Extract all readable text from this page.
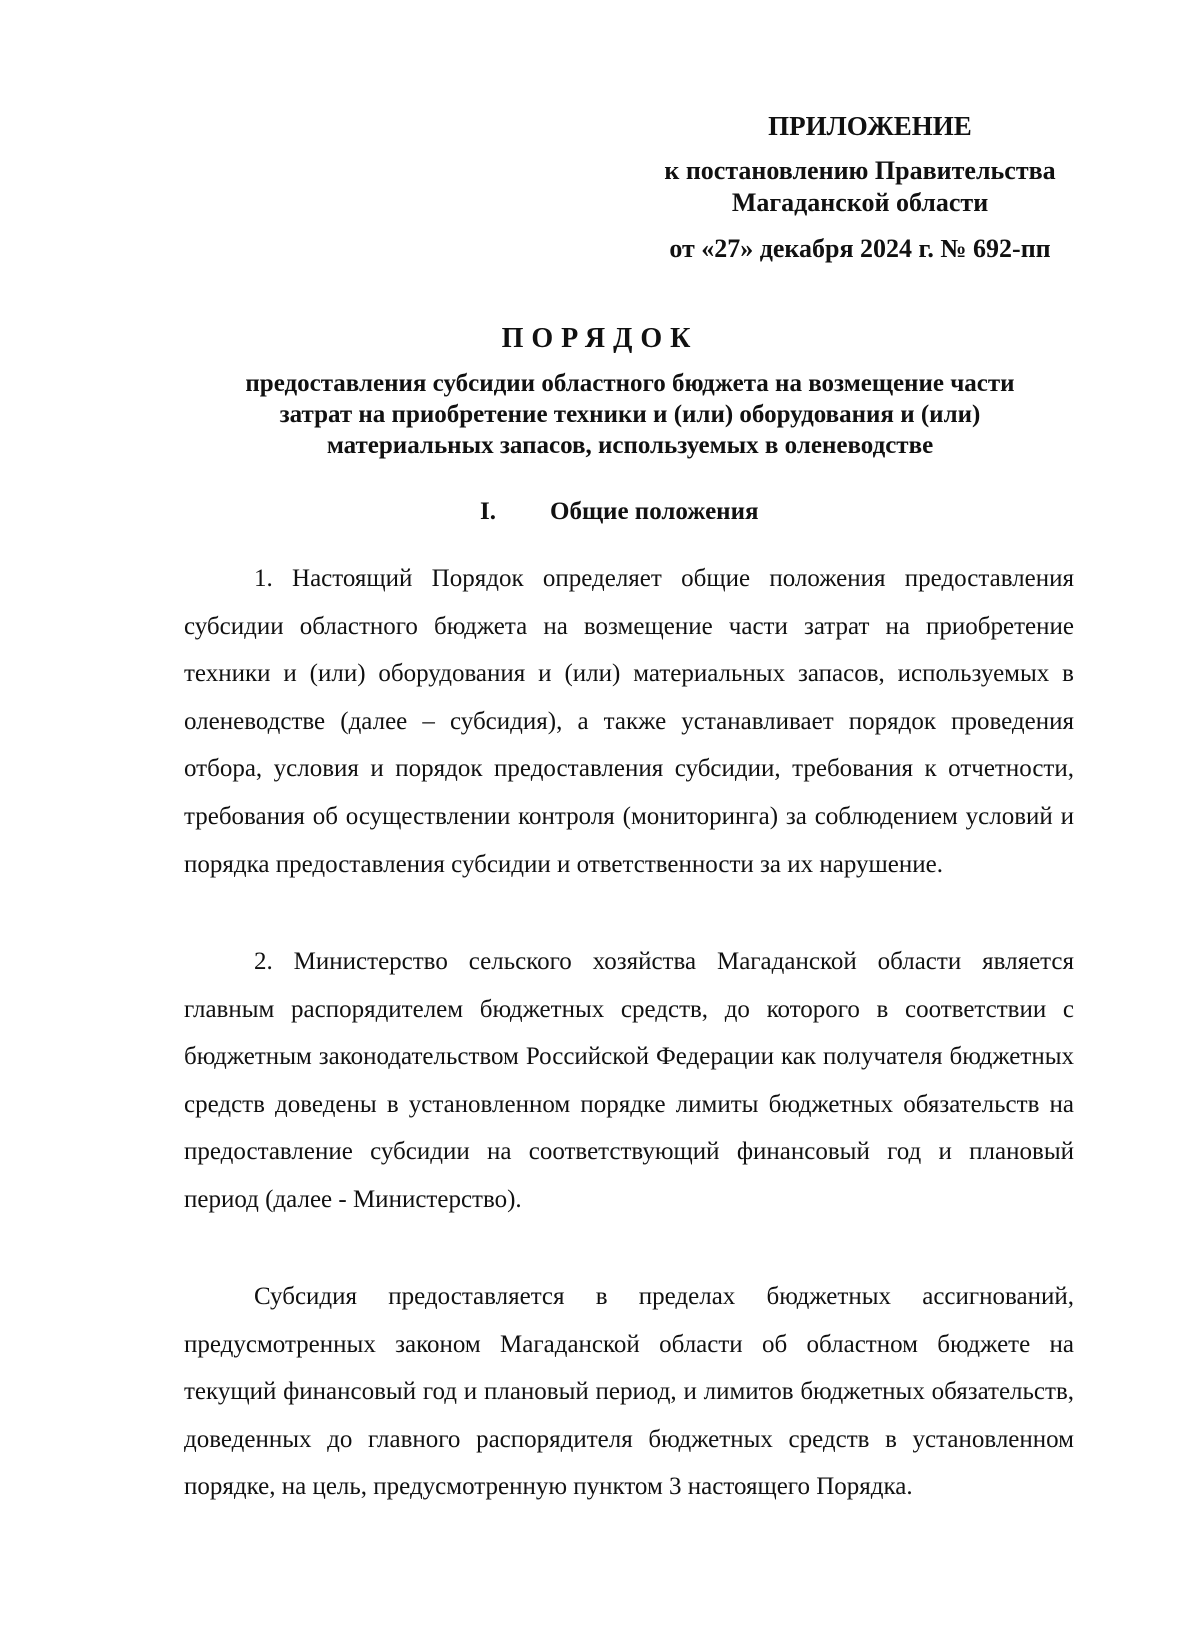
ПРИЛОЖЕНИЕ
к постановлению Правительства
Магаданской области
от «27» декабря 2024 г. № 692-пп
ПОРЯДОК
предоставления субсидии областного бюджета на возмещение части
затрат на приобретение техники и (или) оборудования и (или)
материальных запасов, используемых в оленеводстве
I. Общие положения

1. Настоящий Порядок определяет общие положения предоставления субсидии областного бюджета на возмещение части затрат на приобретение техники и (или) оборудования и (или) материальных запасов, используемых в оленеводстве (далее – субсидия), а также устанавливает порядок проведения отбора, условия и порядок предоставления субсидии, требования к отчетности, требования об осуществлении контроля (мониторинга) за соблюдением условий и порядка предоставления субсидии и ответственности за их нарушение.

2. Министерство сельского хозяйства Магаданской области является главным распорядителем бюджетных средств, до которого в соответствии с бюджетным законодательством Российской Федерации как получателя бюджетных средств доведены в установленном порядке лимиты бюджетных обязательств на предоставление субсидии на соответствующий финансовый год и плановый период (далее - Министерство).

Субсидия предоставляется в пределах бюджетных ассигнований, предусмотренных законом Магаданской области об областном бюджете на текущий финансовый год и плановый период, и лимитов бюджетных обязательств, доведенных до главного распорядителя бюджетных средств в установленном порядке, на цель, предусмотренную пунктом 3 настоящего Порядка.
